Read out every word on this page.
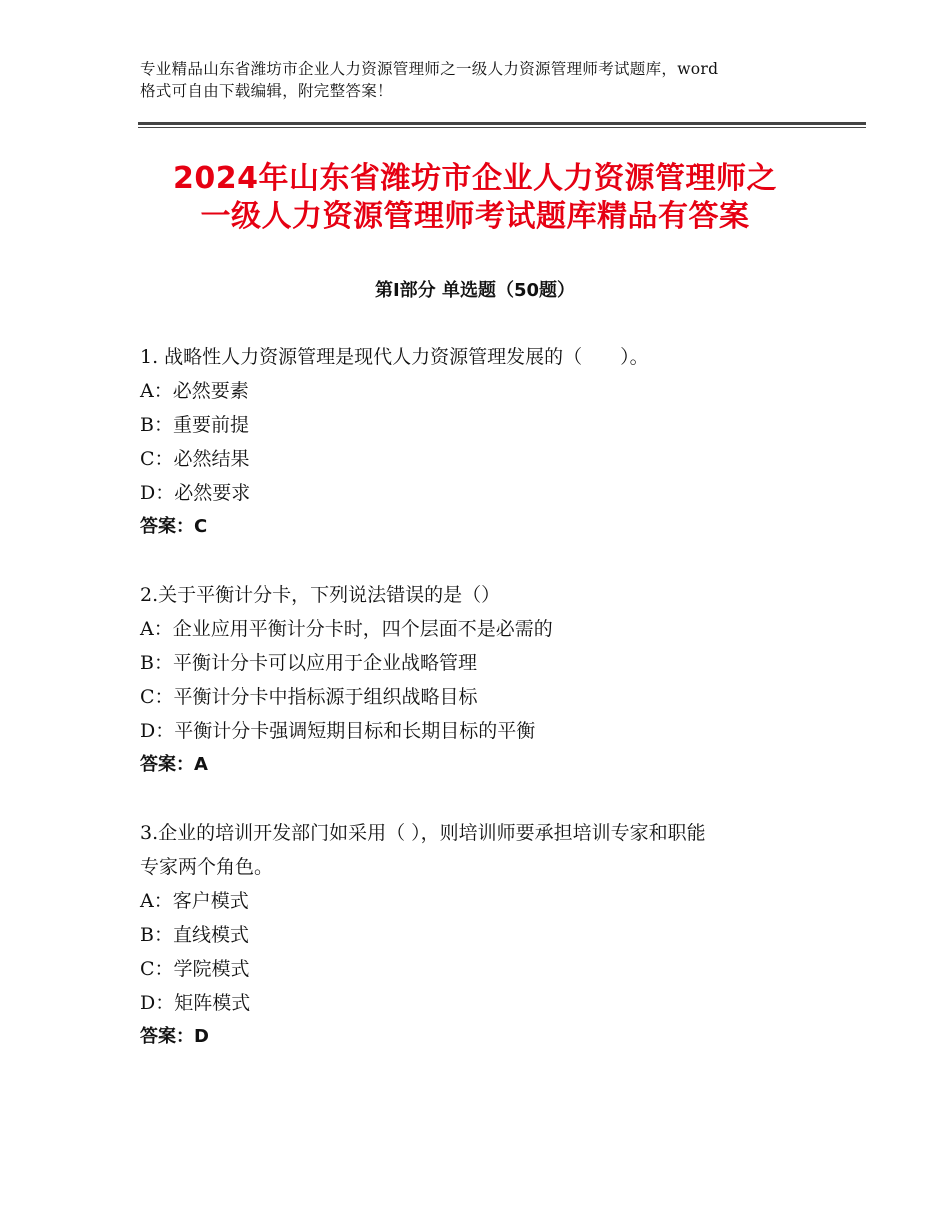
专业精品山东省潍坊市企业人力资源管理师之一级人力资源管理师考试题库，word
格式可自由下载编辑，附完整答案！
2024年山东省潍坊市企业人力资源管理师之
一级人力资源管理师考试题库精品有答案
第Ⅰ部分 单选题（50题）
1. 战略性人力资源管理是现代人力资源管理发展的（　　）。
A：必然要素
B：重要前提
C：必然结果
D：必然要求
答案：C
2.关于平衡计分卡，下列说法错误的是（）
A：企业应用平衡计分卡时，四个层面不是必需的
B：平衡计分卡可以应用于企业战略管理
C：平衡计分卡中指标源于组织战略目标
D：平衡计分卡强调短期目标和长期目标的平衡
答案：A
3.企业的培训开发部门如采用（ ），则培训师要承担培训专家和职能
专家两个角色。
A：客户模式
B：直线模式
C：学院模式
D：矩阵模式
答案：D
